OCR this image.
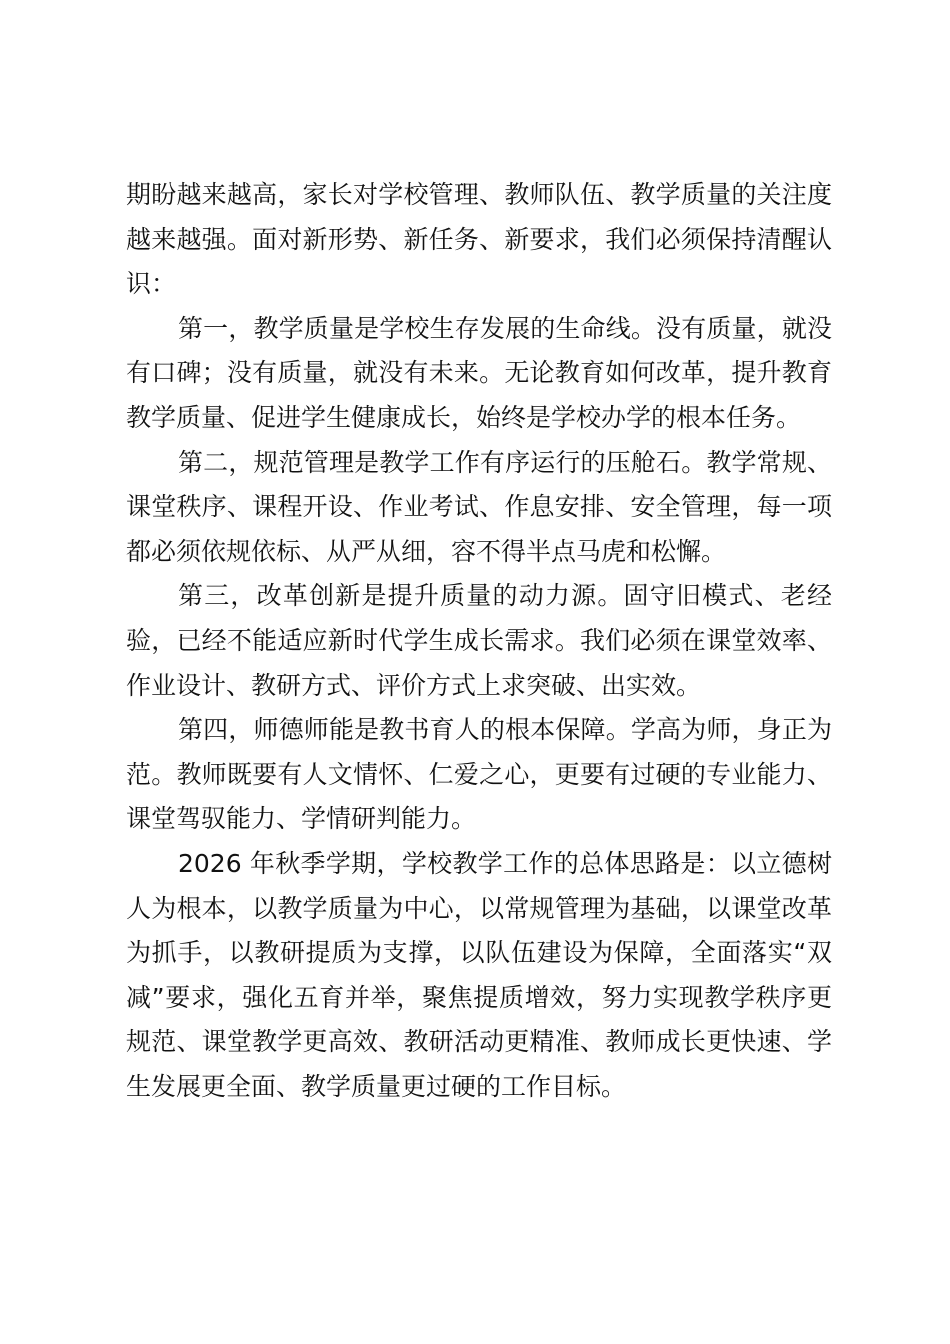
期盼越来越高，家长对学校管理、教师队伍、教学质量的关注度越来越强。面对新形势、新任务、新要求，我们必须保持清醒认识：

第一，教学质量是学校生存发展的生命线。没有质量，就没有口碑；没有质量，就没有未来。无论教育如何改革，提升教育教学质量、促进学生健康成长，始终是学校办学的根本任务。

第二，规范管理是教学工作有序运行的压舱石。教学常规、课堂秩序、课程开设、作业考试、作息安排、安全管理，每一项都必须依规依标、从严从细，容不得半点马虎和松懈。

第三，改革创新是提升质量的动力源。固守旧模式、老经验，已经不能适应新时代学生成长需求。我们必须在课堂效率、作业设计、教研方式、评价方式上求突破、出实效。

第四，师德师能是教书育人的根本保障。学高为师，身正为范。教师既要有人文情怀、仁爱之心，更要有过硬的专业能力、课堂驾驭能力、学情研判能力。

2026 年秋季学期，学校教学工作的总体思路是：以立德树人为根本，以教学质量为中心，以常规管理为基础，以课堂改革为抓手，以教研提质为支撑，以队伍建设为保障，全面落实“双减”要求，强化五育并举，聚焦提质增效，努力实现教学秩序更规范、课堂教学更高效、教研活动更精准、教师成长更快速、学生发展更全面、教学质量更过硬的工作目标。
